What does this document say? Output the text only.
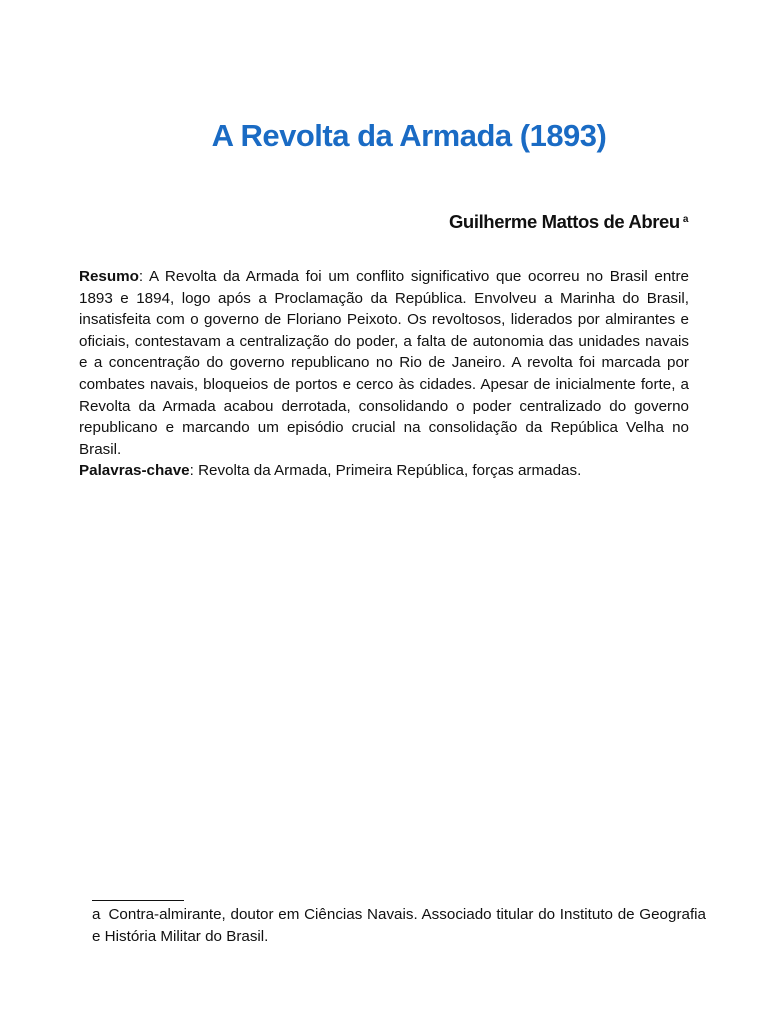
A Revolta da Armada (1893)
Guilherme Mattos de Abreu $^a$
Resumo: A Revolta da Armada foi um conflito significativo que ocorreu no Brasil entre 1893 e 1894, logo após a Proclamação da República. Envolveu a Marinha do Brasil, insatisfeita com o governo de Floriano Peixoto. Os revoltosos, liderados por almirantes e oficiais, contestavam a centralização do poder, a falta de autonomia das unidades navais e a concentração do governo republicano no Rio de Janeiro. A revolta foi marcada por combates navais, bloqueios de portos e cerco às cidades. Apesar de inicialmente forte, a Revolta da Armada acabou derrotada, consolidando o poder centralizado do governo republicano e marcando um episódio crucial na consolidação da República Velha no Brasil.
Palavras-chave: Revolta da Armada, Primeira República, forças armadas.
a Contra-almirante, doutor em Ciências Navais. Associado titular do Instituto de Geografia e História Militar do Brasil.
